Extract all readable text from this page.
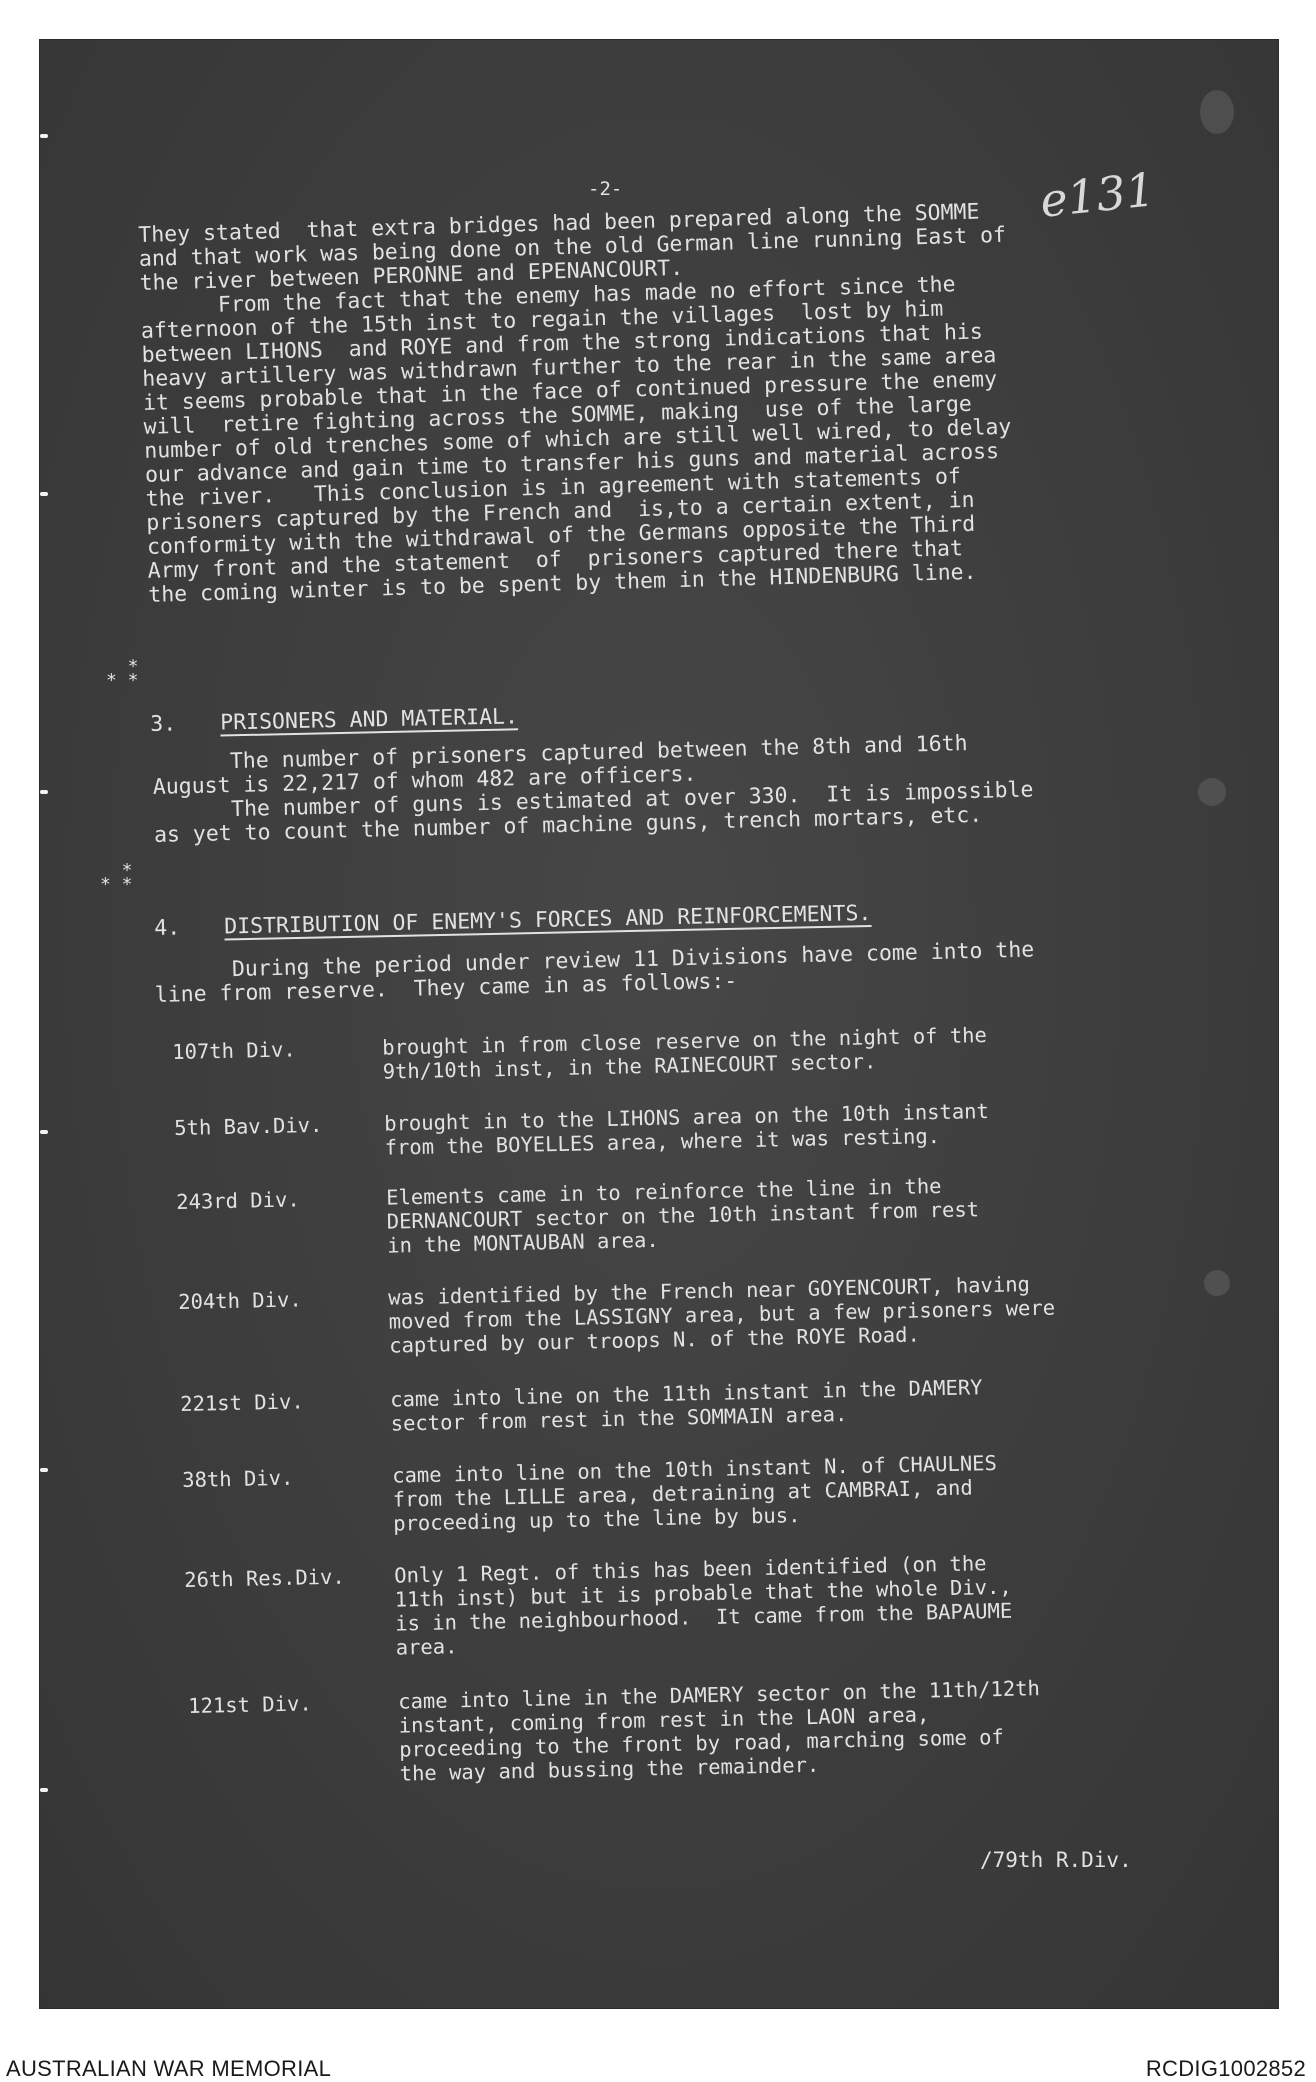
-2-	e131
They stated  that extra bridges had been prepared along the SOMME
and that work was being done on the old German line running East of
the river between PERONNE and EPENANCOURT.
From the fact that the enemy has made no effort since the
afternoon of the 15th inst to regain the villages  lost by him
between LIHONS  and ROYE and from the strong indications that his
heavy artillery was withdrawn further to the rear in the same area
it seems probable that in the face of continued pressure the enemy
will  retire fighting across the SOMME, making  use of the large
number of old trenches some of which are still well wired, to delay
our advance and gain time to transfer his guns and material across
the river.   This conclusion is in agreement with statements of
prisoners captured by the French and  is,to a certain extent, in
conformity with the withdrawal of the Germans opposite the Third
Army front and the statement  of  prisoners captured there that
the coming winter is to be spent by them in the HINDENBURG line.
*
* *
3. PRISONERS AND MATERIAL.
The number of prisoners captured between the 8th and 16th
August is 22,217 of whom 482 are officers.
The number of guns is estimated at over 330.  It is impossible
as yet to count the number of machine guns, trench mortars, etc.
*
* *
4. DISTRIBUTION OF ENEMY'S FORCES AND REINFORCEMENTS.
During the period under review 11 Divisions have come into the
line from reserve.  They came in as follows:-
107th Div.	brought in from close reserve on the night of the
9th/10th inst, in the RAINECOURT sector.
5th Bav.Div.	brought in to the LIHONS area on the 10th instant
from the BOYELLES area, where it was resting.
243rd Div.	Elements came in to reinforce the line in the
DERNANCOURT sector on the 10th instant from rest
in the MONTAUBAN area.
204th Div.	was identified by the French near GOYENCOURT, having
moved from the LASSIGNY area, but a few prisoners were
captured by our troops N. of the ROYE Road.
221st Div.	came into line on the 11th instant in the DAMERY
sector from rest in the SOMMAIN area.
38th Div.	came into line on the 10th instant N. of CHAULNES
from the LILLE area, detraining at CAMBRAI, and
proceeding up to the line by bus.
26th Res.Div. Only 1 Regt. of this has been identified (on the
11th inst) but it is probable that the whole Div.,
is in the neighbourhood.  It came from the BAPAUME
area.
121st Div.	came into line in the DAMERY sector on the 11th/12th
instant, coming from rest in the LAON area,
proceeding to the front by road, marching some of
the way and bussing the remainder.
/79th R.Div.
AUSTRALIAN WAR MEMORIAL	RCDIG1002852
